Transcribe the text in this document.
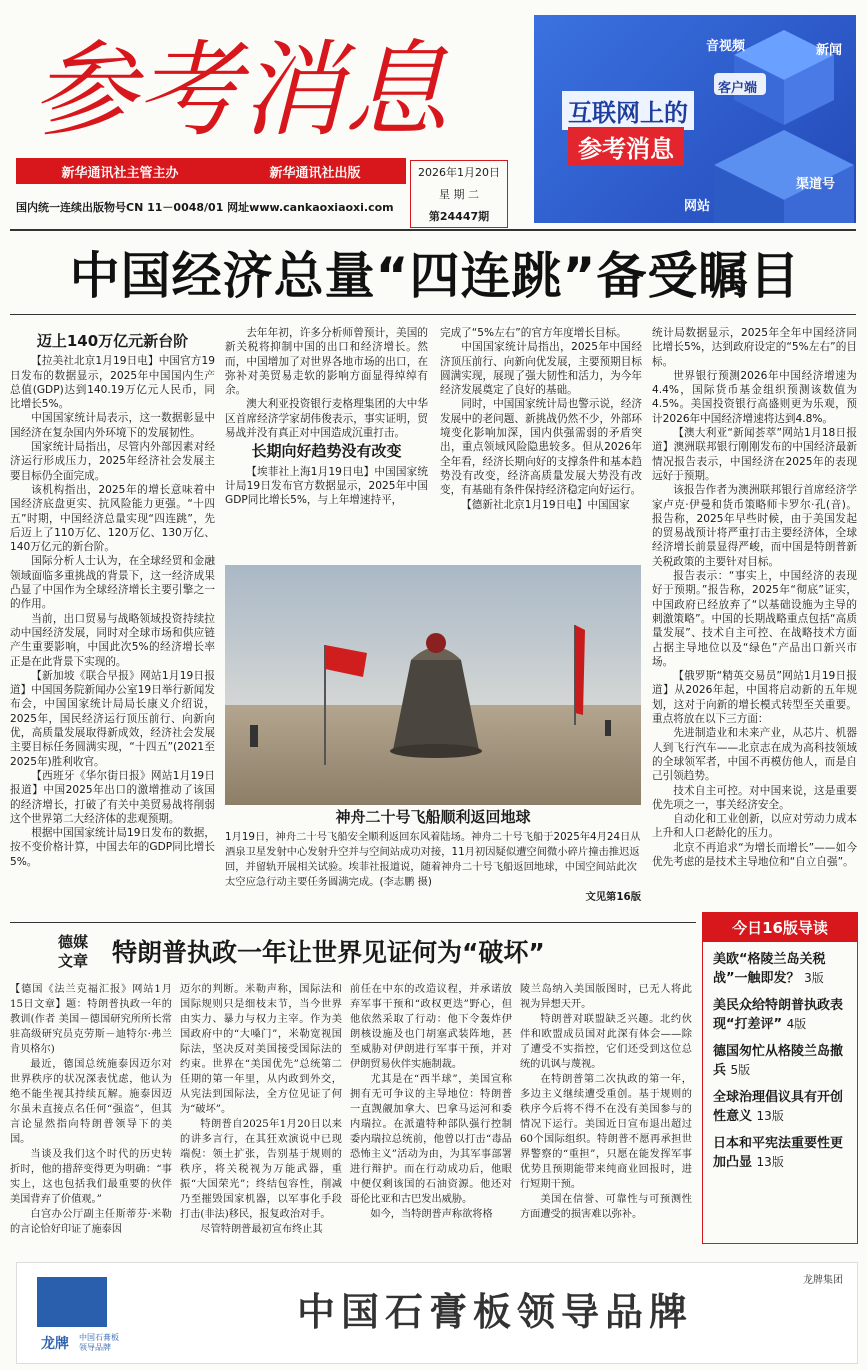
参考消息
新华通讯社主管主办	新华通讯社出版
国内统一连续出版物号CN 11－0048/01 网址www.cankaoxiaoxi.com
2026年1月20日
星 期 二
第24447期
音视频
客户端
新闻
网站
渠道号
互联网上的
参考消息
中国经济总量“四连跳”备受瞩目
迈上140万亿元新台阶

【拉美社北京1月19日电】中国官方19日发布的数据显示，2025年中国国内生产总值(GDP)达到140.19万亿元人民币，同比增长5%。

中国国家统计局表示，这一数据彰显中国经济在复杂国内外环境下的发展韧性。

国家统计局指出，尽管内外部因素对经济运行形成压力，2025年经济社会发展主要目标仍全面完成。

该机构指出，2025年的增长意味着中国经济底盘更实、抗风险能力更强。“十四五”时期，中国经济总量实现“四连跳”，先后迈上了110万亿、120万亿、130万亿、140万亿元的新台阶。

国际分析人士认为，在全球经贸和金融领域面临多重挑战的背景下，这一经济成果凸显了中国作为全球经济增长主要引擎之一的作用。

当前，出口贸易与战略领域投资持续拉动中国经济发展，同时对全球市场和供应链产生重要影响，中国此次5%的经济增长率正是在此背景下实现的。

【新加坡《联合早报》网站1月19日报道】中国国务院新闻办公室19日举行新闻发布会，中国国家统计局局长康义介绍说，2025年，国民经济运行顶压前行、向新向优，高质量发展取得新成效，经济社会发展主要目标任务圆满实现，“十四五”(2021至2025年)胜利收官。

【西班牙《华尔街日报》网站1月19日报道】中国2025年出口的激增推动了该国的经济增长，打破了有关中美贸易战将削弱这个世界第二大经济体的悲观预期。

根据中国国家统计局19日发布的数据，按不变价格计算，中国去年的GDP同比增长5%。

去年年初，许多分析师曾预计，美国的新关税将抑制中国的出口和经济增长。然而，中国增加了对世界各地市场的出口，在弥补对美贸易走软的影响方面显得绰绰有余。

澳大利亚投资银行麦格理集团的大中华区首席经济学家胡伟俊表示，事实证明，贸易战并没有真正对中国造成沉重打击。

长期向好趋势没有改变

【埃菲社上海1月19日电】中国国家统计局19日发布官方数据显示，2025年中国GDP同比增长5%，与上年增速持平，

完成了“5%左右”的官方年度增长目标。

中国国家统计局指出，2025年中国经济顶压前行、向新向优发展，主要预期目标圆满实现，展现了强大韧性和活力，为今年经济发展奠定了良好的基础。

同时，中国国家统计局也警示说，经济发展中的老问题、新挑战仍然不少，外部环境变化影响加深，国内供强需弱的矛盾突出，重点领域风险隐患较多。但从2026年全年看，经济长期向好的支撑条件和基本趋势没有改变，经济高质量发展大势没有改变，有基础有条件保持经济稳定向好运行。

【德新社北京1月19日电】中国国家

统计局数据显示，2025年全年中国经济同比增长5%，达到政府设定的“5%左右”的目标。

世界银行预测2026年中国经济增速为4.4%，国际货币基金组织预测该数值为4.5%。美国投资银行高盛则更为乐观，预计2026年中国经济增速将达到4.8%。

【澳大利亚“新闻荟萃”网站1月18日报道】澳洲联邦银行刚刚发布的中国经济最新情况报告表示，中国经济在2025年的表现远好于预期。

该报告作者为澳洲联邦银行首席经济学家卢克·伊曼和货币策略师卡罗尔·孔(音)。报告称，2025年早些时候，由于美国发起的贸易战预计将严重打击主要经济体，全球经济增长前景显得严峻，而中国是特朗普新关税政策的主要针对目标。

报告表示：“事实上，中国经济的表现好于预期。”报告称，2025年“彻底”证实，中国政府已经放弃了“以基础设施为主导的刺激策略”。中国的长期战略重点包括“高质量发展”、技术自主可控、在战略技术方面占据主导地位以及“绿色”产品出口新兴市场。

【俄罗斯“精英交易员”网站1月19日报道】从2026年起，中国将启动新的五年规划，这对于向新的增长模式转型至关重要。重点将放在以下三方面：

先进制造业和未来产业，从芯片、机器人到飞行汽车——北京志在成为高科技领域的全球领军者，中国不再模仿他人，而是自己引领趋势。

技术自主可控。对中国来说，这是重要优先项之一，事关经济安全。

自动化和工业创新，以应对劳动力成本上升和人口老龄化的压力。

北京不再追求“为增长而增长”——如今优先考虑的是技术主导地位和“自立自强”。

神舟二十号飞船顺利返回地球
1月19日，神舟二十号飞船安全顺利返回东风着陆场。神舟二十号飞船于2025年4月24日从酒泉卫星发射中心发射升空并与空间站成功对接，11月初因疑似遭空间微小碎片撞击推迟返回，并留轨开展相关试验。埃菲社报道说，随着神舟二十号飞船返回地球，中国空间站此次太空应急行动主要任务圆满完成。(李志鹏 摄)
文见第16版
德媒文章 特朗普执政一年让世界见证何为“破坏”

【德国《法兰克福汇报》网站1月15日文章】题：特朗普执政一年的教训(作者 美国－德国研究所所长常驻高级研究员克劳斯－迪特尔·弗兰肯贝格尔)

最近，德国总统施泰因迈尔对世界秩序的状况深表忧虑，他认为绝不能坐视其持续瓦解。施泰因迈尔虽未直接点名任何“强盗”，但其言论显然指向特朗普领导下的美国。

当谈及我们这个时代的历史转折时，他的措辞变得更为明确：“事实上，这也包括我们最重要的伙伴美国背弃了价值观。”

白宫办公厅副主任斯蒂芬·米勒的言论恰好印证了施泰因

迈尔的判断。米勒声称，国际法和国际规则只是细枝末节，当今世界由实力、暴力与权力主宰。作为美国政府中的“大嗓门”，米勒宽视国际法，坚决反对美国接受国际法的约束。世界在“美国优先”总统第二任期的第一年里，从内政到外交，从宪法到国际法，全方位见证了何为“破坏”。

特朗普自2025年1月20日以来的讲多言行，在其狂欢演说中已现端倪：领土扩张，告别基于规则的秩序，将关税视为万能武器，重振“大国荣光”；终结包容性，削减乃至摧毁国家机器，以军事化手段打击(非法)移民，报复政治对手。

尽管特朗普最初宣布终止其

前任在中东的改造议程，并承诺放弃军事干预和“政权更迭”野心，但他依然采取了行动：他下令轰炸伊朗核设施及也门胡塞武装阵地，甚至威胁对伊朗进行军事干预，并对伊朗贸易伙伴实施制裁。

尤其是在“西半球”，美国宣称拥有无可争议的主导地位：特朗普一直觊觎加拿大、巴拿马运河和委内瑞拉。在派遣特种部队强行控制委内瑞拉总统前，他曾以打击“毒品恐怖主义”活动为由，为其军事部署进行辩护。而在行动成功后，他眼中便仅剩该国的石油资源。他还对哥伦比亚和古巴发出威胁。

如今，当特朗普声称欲将格

陵兰岛纳入美国版图时，已无人将此视为异想天开。

特朗普对联盟缺乏兴趣。北约伙伴和欧盟成员国对此深有体会——除了遭受不实指控，它们还受到这位总统的讥讽与蔑视。

在特朗普第二次执政的第一年，多边主义继续遭受重创。基于规则的秩序今后将不得不在没有美国参与的情况下运行。美国近日宣布退出超过60个国际组织。特朗普不愿再承担世界警察的“重担”，只愿在能发挥军事优势且预期能带来纯商业回报时，进行短期干预。

美国在信誉、可靠性与可预测性方面遭受的损害难以弥补。

今日16版导读
美欧“格陵兰岛关税战”一触即发？ 3版
美民众给特朗普执政表现“打差评” 4版
德国匆忙从格陵兰岛撤兵 5版
全球治理倡议具有开创性意义 13版
日本和平宪法重要性更加凸显 13版
龙牌 中国石膏板
领导品牌
中国石膏板领导品牌
龙牌集团
